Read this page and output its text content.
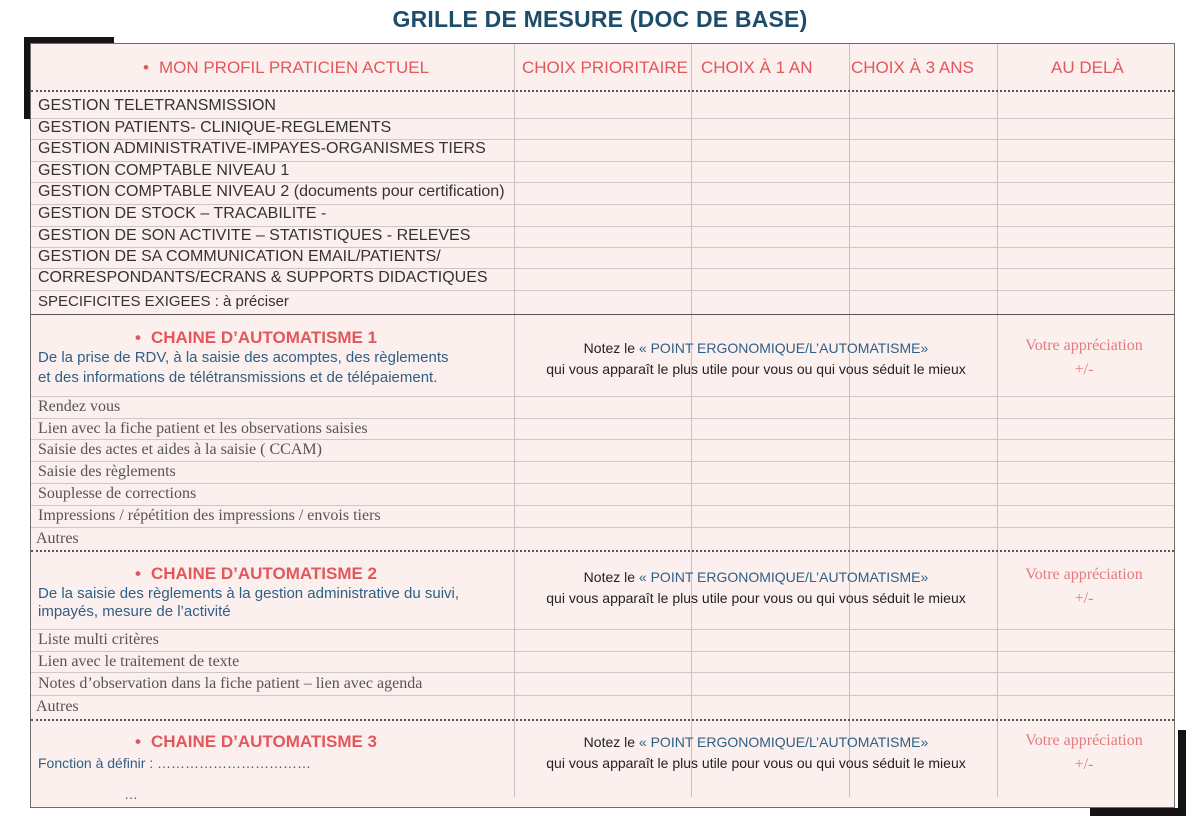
GRILLE DE MESURE (DOC DE BASE)
• MON PROFIL PRATICIEN ACTUEL	CHOIX PRIORITAIRE CHOIX À 1 AN CHOIX À 3 ANS	AU DELÀ
GESTION TELETRANSMISSION
GESTION PATIENTS- CLINIQUE-REGLEMENTS
GESTION ADMINISTRATIVE-IMPAYES-ORGANISMES TIERS
GESTION COMPTABLE NIVEAU 1
GESTION COMPTABLE NIVEAU 2 (documents pour certification)
GESTION DE STOCK – TRACABILITE -
GESTION DE SON ACTIVITE – STATISTIQUES - RELEVES
GESTION DE SA COMMUNICATION EMAIL/PATIENTS/
CORRESPONDANTS/ECRANS & SUPPORTS DIDACTIQUES
SPECIFICITES EXIGEES : à préciser
• CHAINE D’AUTOMATISME 1
De la prise de RDV, à la saisie des acomptes, des règlements
et des informations de télétransmissions et de télépaiement.
Notez le « POINT ERGONOMIQUE/L’AUTOMATISME»
qui vous apparaît le plus utile pour vous ou qui vous séduit le mieux
Votre appréciation
+/-
Rendez vous
Lien avec la fiche patient et les observations saisies
Saisie des actes et aides à la saisie ( CCAM)
Saisie des règlements
Souplesse de corrections
Impressions / répétition des impressions / envois tiers
Autres
• CHAINE D’AUTOMATISME 2
De la saisie des règlements à la gestion administrative du suivi,
impayés, mesure de l’activité
Notez le « POINT ERGONOMIQUE/L’AUTOMATISME»
qui vous apparaît le plus utile pour vous ou qui vous séduit le mieux
Votre appréciation
+/-
Liste multi critères
Lien avec le traitement de texte
Notes d’observation dans la fiche patient – lien avec agenda
Autres
• CHAINE D’AUTOMATISME 3
Fonction à définir : ……………………………
Notez le « POINT ERGONOMIQUE/L’AUTOMATISME»
qui vous apparaît le plus utile pour vous ou qui vous séduit le mieux
Votre appréciation
+/-
…
